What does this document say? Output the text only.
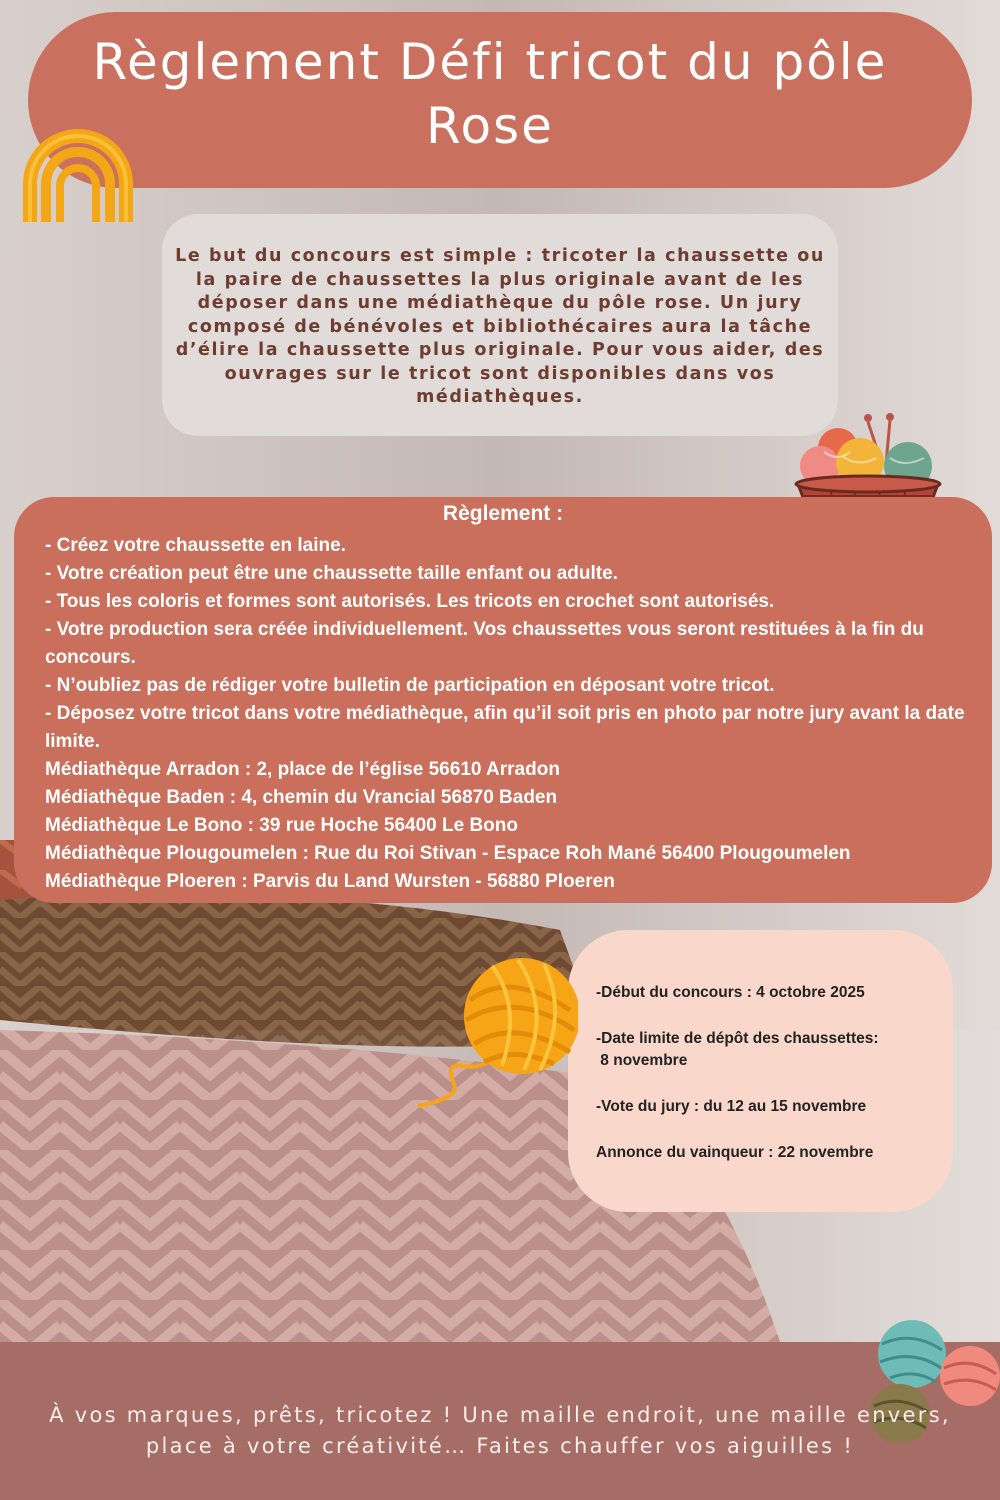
Règlement Défi tricot du pôle Rose
Le but du concours est simple : tricoter la chaussette ou la paire de chaussettes la plus originale avant de les déposer dans une médiathèque du pôle rose. Un jury composé de bénévoles et bibliothécaires aura la tâche d’élire la chaussette plus originale. Pour vous aider, des ouvrages sur le tricot sont disponibles dans vos médiathèques.
Règlement :
- Créez votre chaussette en laine.
- Votre création peut être une chaussette taille enfant ou adulte.
- Tous les coloris et formes sont autorisés. Les tricots en crochet sont autorisés.
- Votre production sera créée individuellement. Vos chaussettes vous seront restituées à la fin du concours.
- N’oubliez pas de rédiger votre bulletin de participation en déposant votre tricot.
- Déposez votre tricot dans votre médiathèque, afin qu’il soit pris en photo par notre jury avant la date limite.
Médiathèque Arradon : 2, place de l’église 56610 Arradon
Médiathèque Baden : 4, chemin du Vrancial 56870 Baden
Médiathèque Le Bono : 39 rue Hoche 56400 Le Bono
Médiathèque Plougoumelen : Rue du Roi Stivan - Espace Roh Mané 56400 Plougoumelen
Médiathèque Ploeren : Parvis du Land Wursten - 56880 Ploeren
-Début du concours : 4 octobre 2025
-Date limite de dépôt des chaussettes:
8 novembre
-Vote du jury : du 12 au 15 novembre
Annonce du vainqueur : 22 novembre
À vos marques, prêts, tricotez ! Une maille endroit, une maille envers, place à votre créativité… Faites chauffer vos aiguilles !
